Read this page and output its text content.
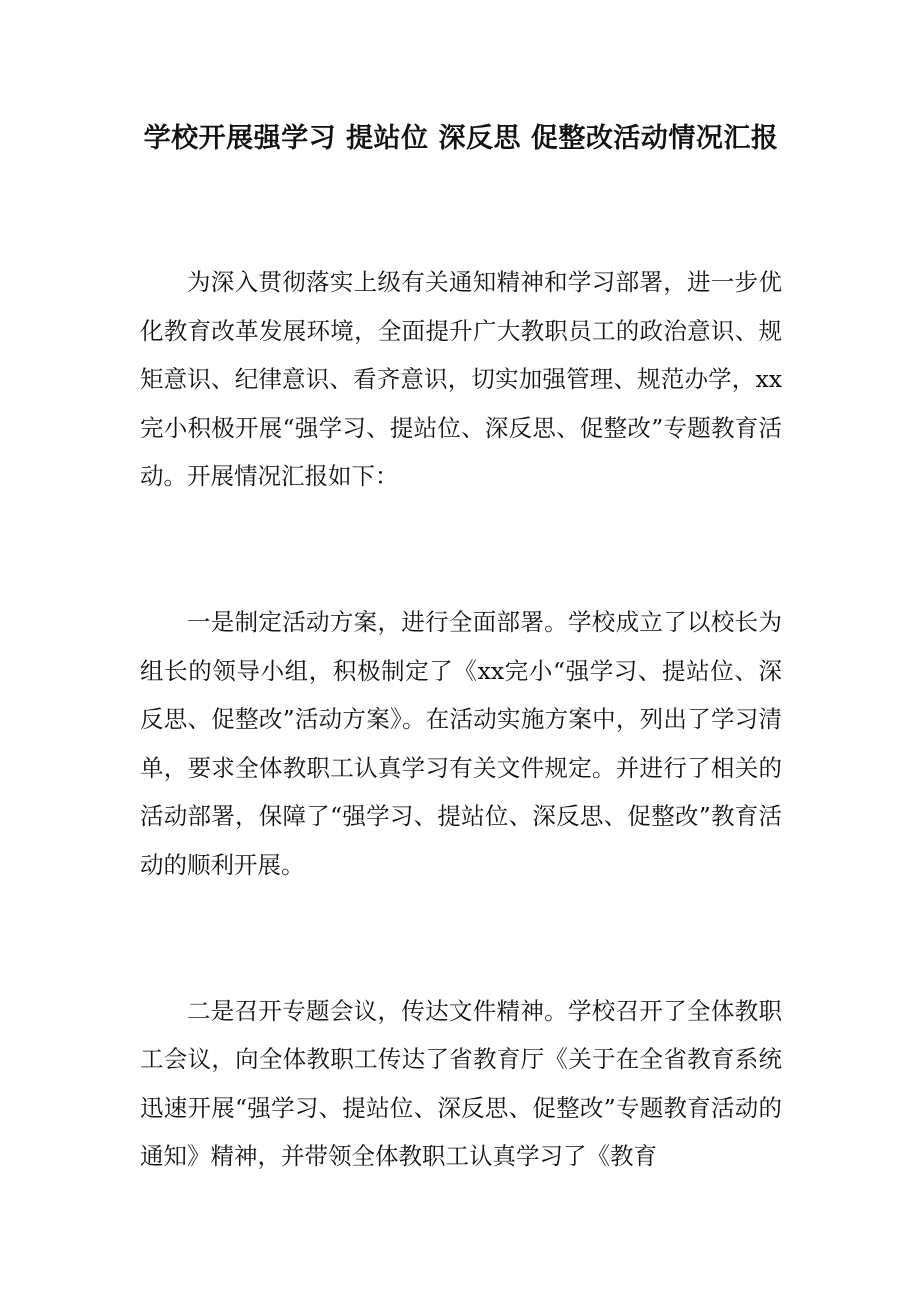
学校开展强学习 提站位 深反思 促整改活动情况汇报

为深入贯彻落实上级有关通知精神和学习部署，进一步优化教育改革发展环境，全面提升广大教职员工的政治意识、规矩意识、纪律意识、看齐意识，切实加强管理、规范办学，xx完小积极开展“强学习、提站位、深反思、促整改”专题教育活动。开展情况汇报如下：

一是制定活动方案，进行全面部署。学校成立了以校长为组长的领导小组，积极制定了《xx完小“强学习、提站位、深反思、促整改”活动方案》。在活动实施方案中，列出了学习清单，要求全体教职工认真学习有关文件规定。并进行了相关的活动部署，保障了“强学习、提站位、深反思、促整改”教育活动的顺利开展。

二是召开专题会议，传达文件精神。学校召开了全体教职工会议，向全体教职工传达了省教育厅《关于在全省教育系统迅速开展“强学习、提站位、深反思、促整改”专题教育活动的通知》精神，并带领全体教职工认真学习了《教育
